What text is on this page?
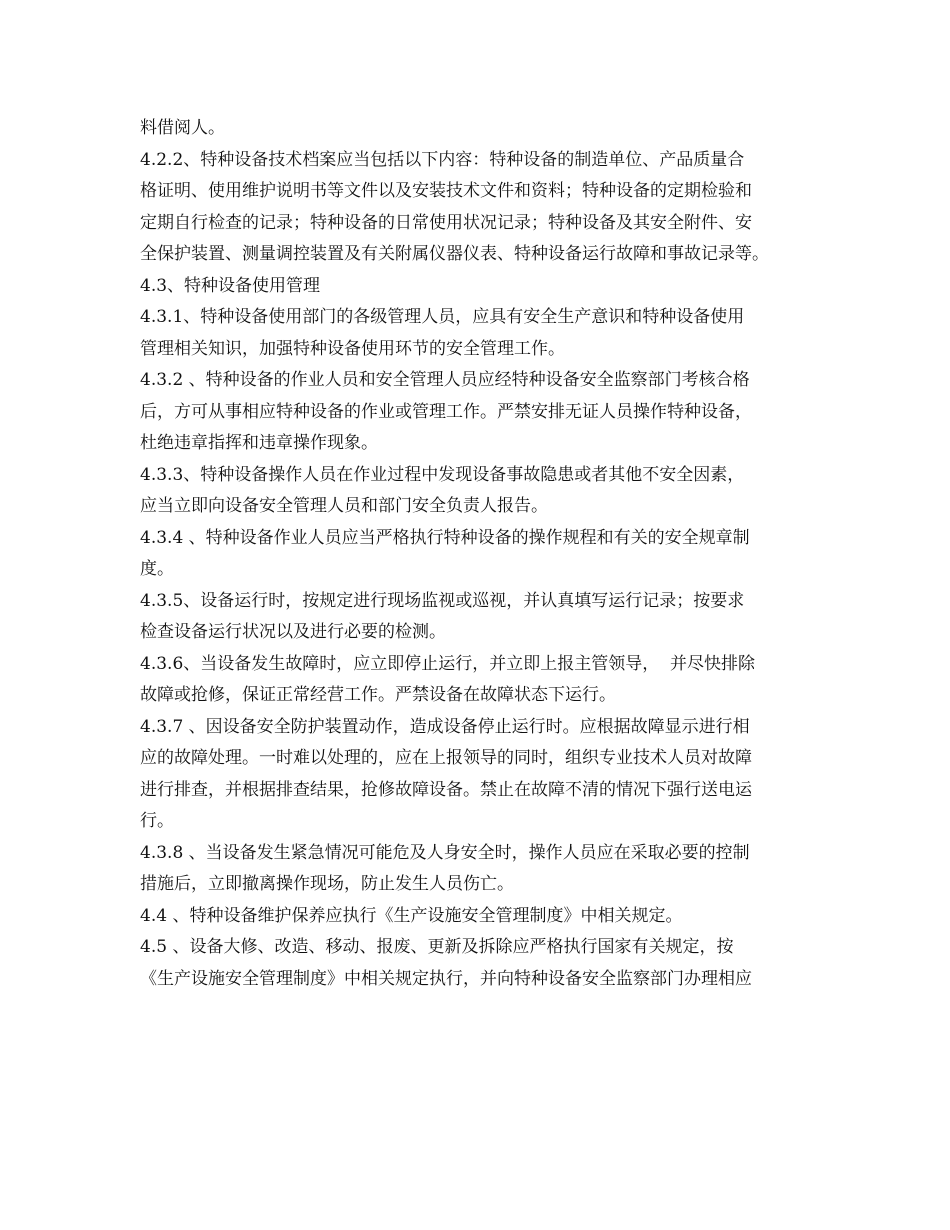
料借阅人。
4.2.2、特种设备技术档案应当包括以下内容：特种设备的制造单位、产品质量合
格证明、使用维护说明书等文件以及安装技术文件和资料；特种设备的定期检验和
定期自行检查的记录；特种设备的日常使用状况记录；特种设备及其安全附件、安
全保护装置、测量调控装置及有关附属仪器仪表、特种设备运行故障和事故记录等。
4.3、特种设备使用管理
4.3.1、特种设备使用部门的各级管理人员，应具有安全生产意识和特种设备使用
管理相关知识，加强特种设备使用环节的安全管理工作。
4.3.2 、特种设备的作业人员和安全管理人员应经特种设备安全监察部门考核合格
后，方可从事相应特种设备的作业或管理工作。严禁安排无证人员操作特种设备，
杜绝违章指挥和违章操作现象。
4.3.3、特种设备操作人员在作业过程中发现设备事故隐患或者其他不安全因素，
应当立即向设备安全管理人员和部门安全负责人报告。
4.3.4 、特种设备作业人员应当严格执行特种设备的操作规程和有关的安全规章制
度。
4.3.5、设备运行时，按规定进行现场监视或巡视，并认真填写运行记录；按要求
检查设备运行状况以及进行必要的检测。
4.3.6、当设备发生故障时，应立即停止运行，并立即上报主管领导，  并尽快排除
故障或抢修，保证正常经营工作。严禁设备在故障状态下运行。
4.3.7 、因设备安全防护装置动作，造成设备停止运行时。应根据故障显示进行相
应的故障处理。一时难以处理的，应在上报领导的同时，组织专业技术人员对故障
进行排查，并根据排查结果，抢修故障设备。禁止在故障不清的情况下强行送电运
行。
4.3.8 、当设备发生紧急情况可能危及人身安全时，操作人员应在采取必要的控制
措施后，立即撤离操作现场，防止发生人员伤亡。
4.4 、特种设备维护保养应执行《生产设施安全管理制度》中相关规定。
4.5 、设备大修、改造、移动、报废、更新及拆除应严格执行国家有关规定，按
《生产设施安全管理制度》中相关规定执行，并向特种设备安全监察部门办理相应
